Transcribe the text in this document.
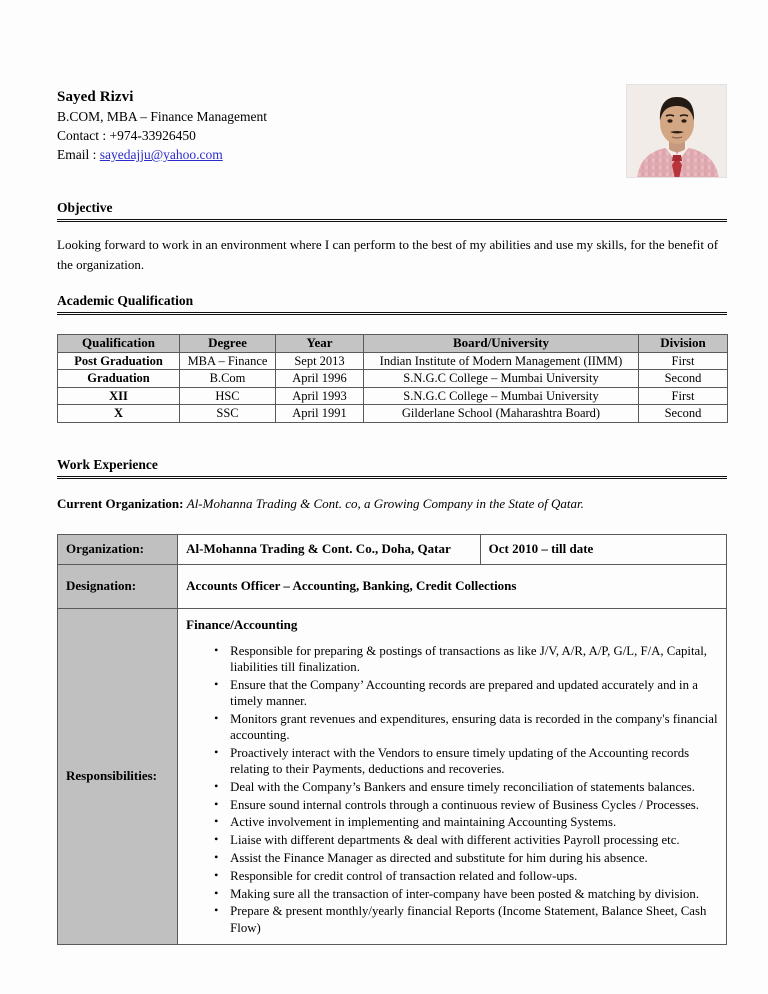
Sayed Rizvi
B.COM, MBA – Finance Management
Contact : +974-33926450
Email : sayedajju@yahoo.com
Objective
Looking forward to work in an environment where I can perform to the best of my abilities and use my skills, for the benefit of the organization.
Academic Qualification
Qualification	Degree	Year	Board/University	Division
Post Graduation	MBA – Finance	Sept 2013	Indian Institute of Modern Management (IIMM)	First
Graduation	B.Com	April 1996	S.N.G.C College – Mumbai University	Second
XII	HSC	April 1993	S.N.G.C College – Mumbai University	First
X	SSC	April 1991	Gilderlane School (Maharashtra Board)	Second
Work Experience
Current Organization: Al-Mohanna Trading & Cont. co, a Growing Company in the State of Qatar.
Organization:	Al-Mohanna Trading & Cont. Co., Doha, Qatar	Oct 2010 – till date
Designation:	Accounts Officer – Accounting, Banking, Credit Collections	
Responsibilities:	
Finance/Accounting
• Responsible for preparing & postings of transactions as like J/V, A/R, A/P, G/L, F/A, Capital, liabilities till finalization.
• Ensure that the Company’ Accounting records are prepared and updated accurately and in a timely manner.
• Monitors grant revenues and expenditures, ensuring data is recorded in the company's financial accounting.
• Proactively interact with the Vendors to ensure timely updating of the Accounting records relating to their Payments, deductions and recoveries.
• Deal with the Company’s Bankers and ensure timely reconciliation of statements balances.
• Ensure sound internal controls through a continuous review of Business Cycles / Processes.
• Active involvement in implementing and maintaining Accounting Systems.
• Liaise with different departments & deal with different activities Payroll processing etc.
• Assist the Finance Manager as directed and substitute for him during his absence.
• Responsible for credit control of transaction related and follow-ups.
• Making sure all the transaction of inter-company have been posted & matching by division.
• Prepare & present monthly/yearly financial Reports (Income Statement, Balance Sheet, Cash Flow)
